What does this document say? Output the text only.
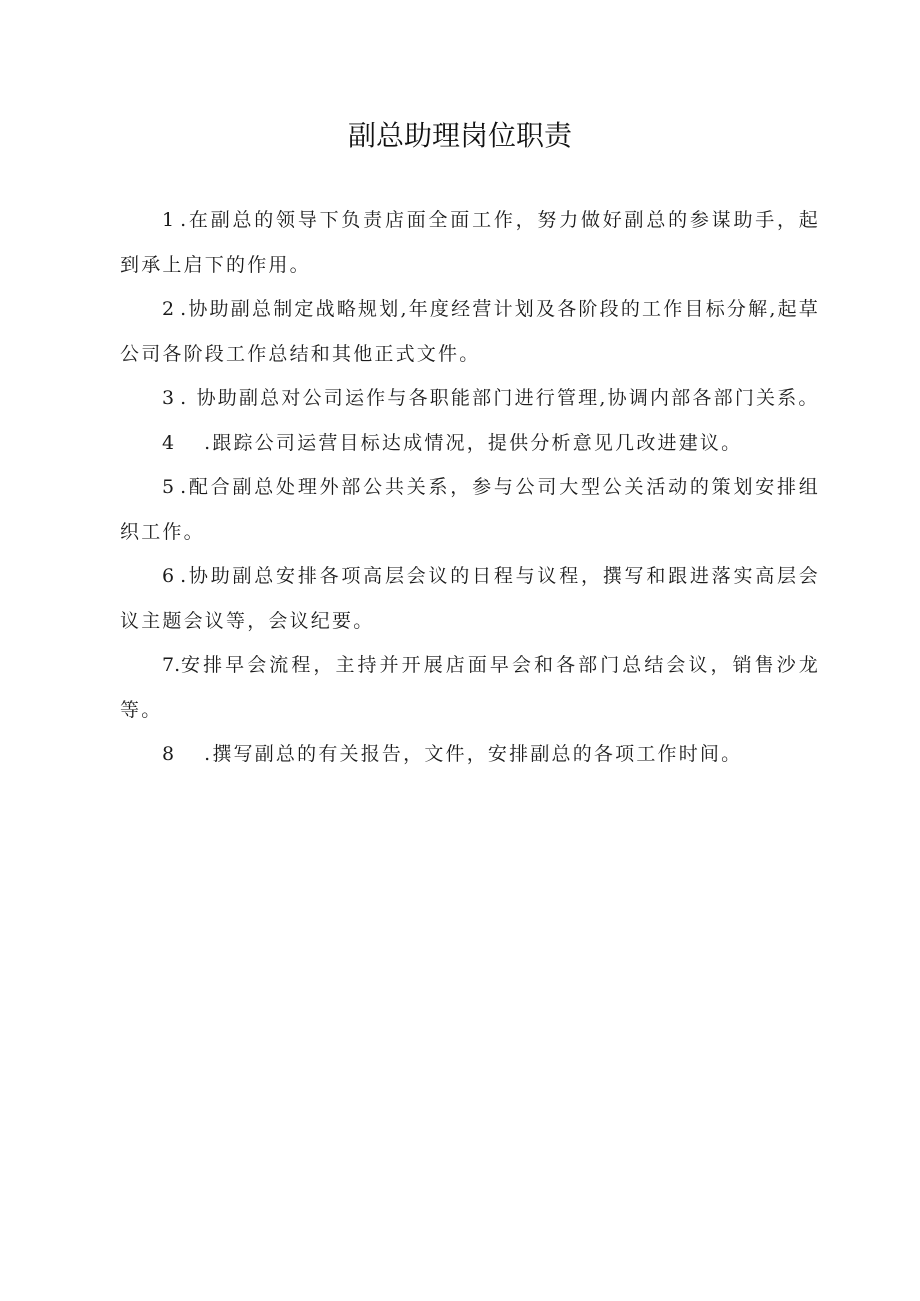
副总助理岗位职责

1 .在副总的领导下负责店面全面工作，努力做好副总的参谋助手，起到承上启下的作用。

2 .协助副总制定战略规划,年度经营计划及各阶段的工作目标分解,起草公司各阶段工作总结和其他正式文件。

3 . 协助副总对公司运作与各职能部门进行管理,协调内部各部门关系。

4 .跟踪公司运营目标达成情况，提供分析意见几改进建议。

5 .配合副总处理外部公共关系，参与公司大型公关活动的策划安排组织工作。

6 .协助副总安排各项高层会议的日程与议程，撰写和跟进落实高层会议主题会议等，会议纪要。

7.安排早会流程，主持并开展店面早会和各部门总结会议，销售沙龙等。

8 .撰写副总的有关报告，文件，安排副总的各项工作时间。
